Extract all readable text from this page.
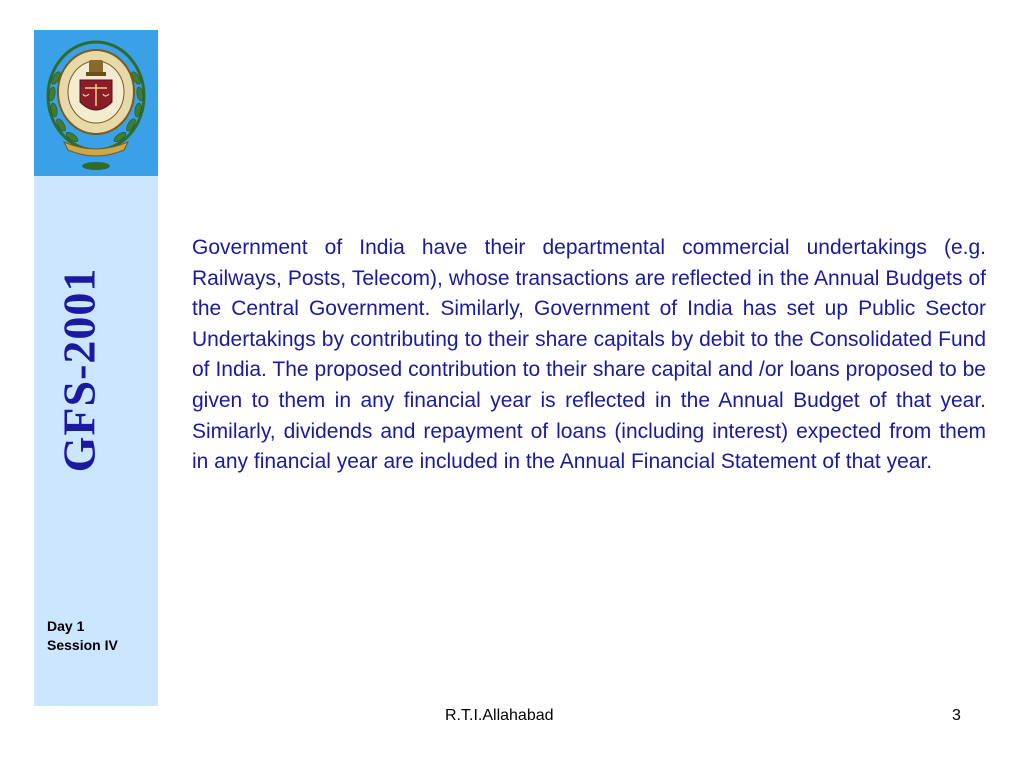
GFS-2001
Day 1
Session IV

Government of India have their departmental commercial undertakings (e.g. Railways, Posts, Telecom), whose transactions are reflected in the Annual Budgets of the Central Government. Similarly, Government of India has set up Public Sector Undertakings by contributing to their share capitals by debit to the Consolidated Fund of India. The proposed contribution to their share capital and /or loans proposed to be given to them in any financial year is reflected in the Annual Budget of that year. Similarly, dividends and repayment of loans (including interest) expected from them in any financial year are included in the Annual Financial Statement of that year.

R.T.I.Allahabad	3
